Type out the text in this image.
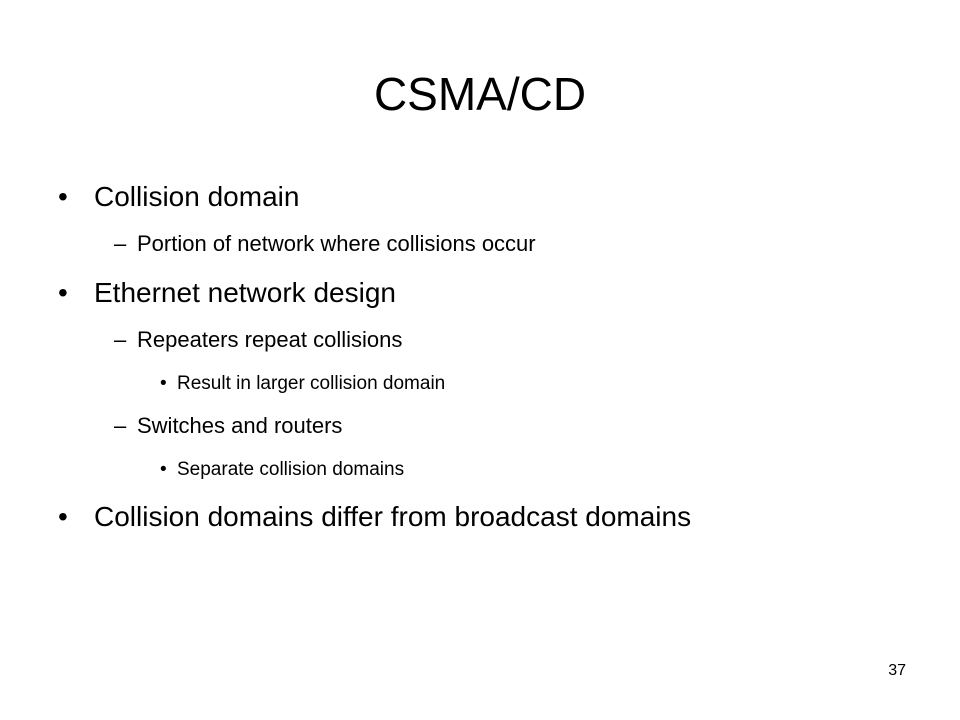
CSMA/CD
• Collision domain
– Portion of network where collisions occur
• Ethernet network design
– Repeaters repeat collisions
• Result in larger collision domain
– Switches and routers
• Separate collision domains
• Collision domains differ from broadcast domains
37
